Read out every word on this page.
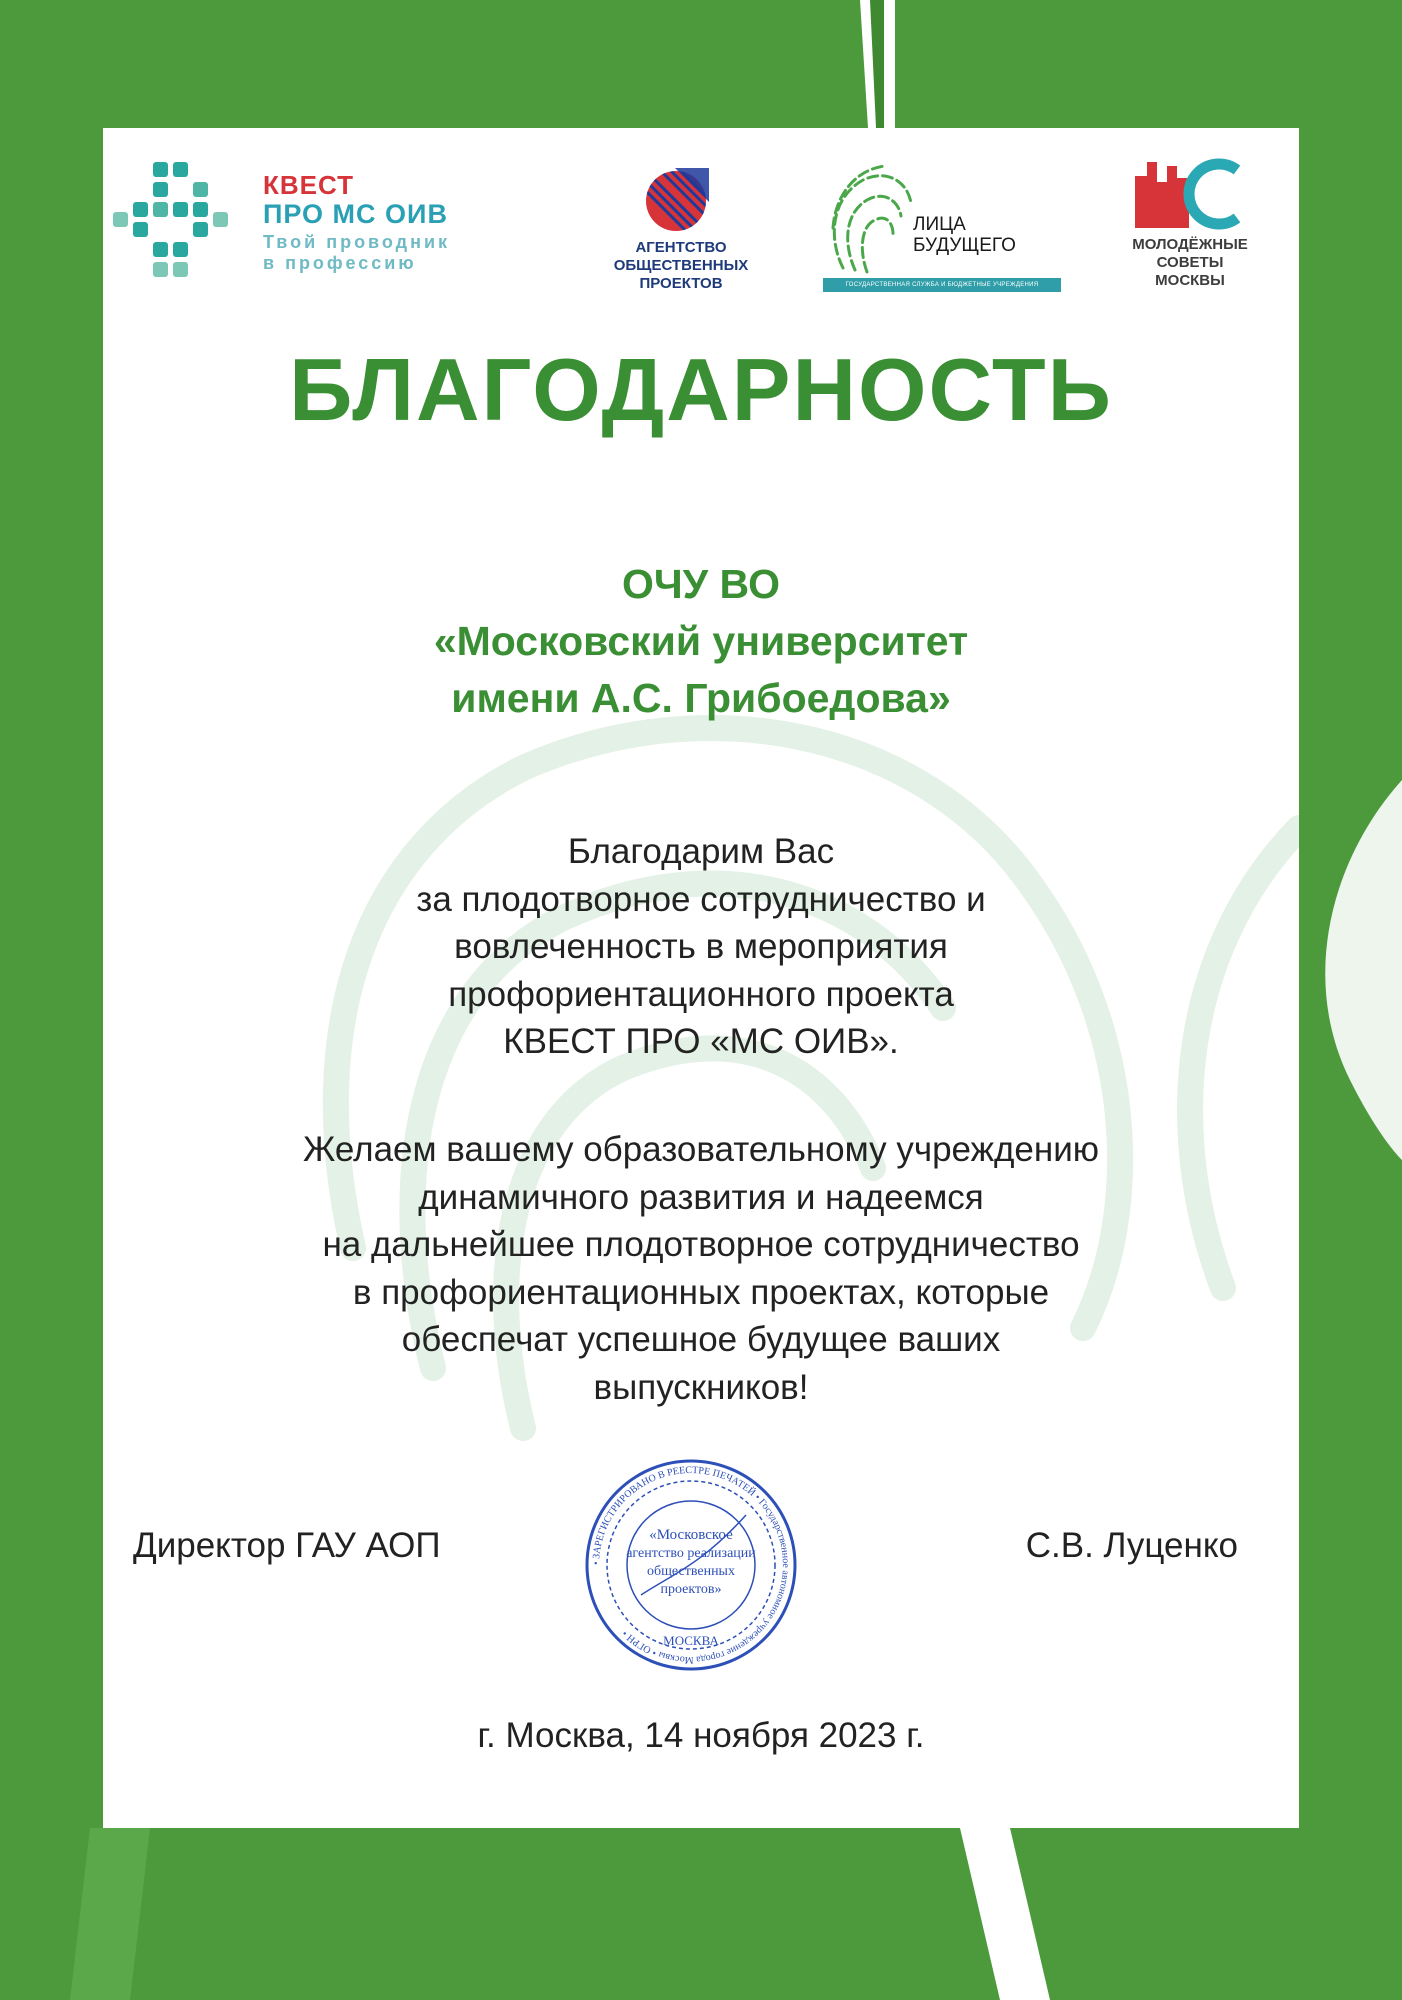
КВЕСТ
ПРО МС ОИВ
Твой проводник
в профессию
АГЕНТСТВО
ОБЩЕСТВЕННЫХ
ПРОЕКТОВ
ЛИЦА
БУДУЩЕГО
ГОСУДАРСТВЕННАЯ СЛУЖБА И БЮДЖЕТНЫЕ УЧРЕЖДЕНИЯ
МОЛОДЁЖНЫЕ
СОВЕТЫ
МОСКВЫ
БЛАГОДАРНОСТЬ
ОЧУ ВО
«Московский университет
имени А.С. Грибоедова»
Благодарим Вас
за плодотворное сотрудничество и
вовлеченность в мероприятия
профориентационного проекта
КВЕСТ ПРО «МС ОИВ».
Желаем вашему образовательному учреждению
динамичного развития и надеемся
на дальнейшее плодотворное сотрудничество
в профориентационных проектах, которые
обеспечат успешное будущее ваших
выпускников!
• ЗАРЕГИСТРИРОВАНО В РЕЕСТРЕ ПЕЧАТЕЙ • Государственное автономное учреждение города Москвы • ОГРН •
«Московское
агентство реализации
общественных
проектов»
МОСКВА
Директор ГАУ АОП	С.В. Луценко
г. Москва, 14 ноября 2023 г.
